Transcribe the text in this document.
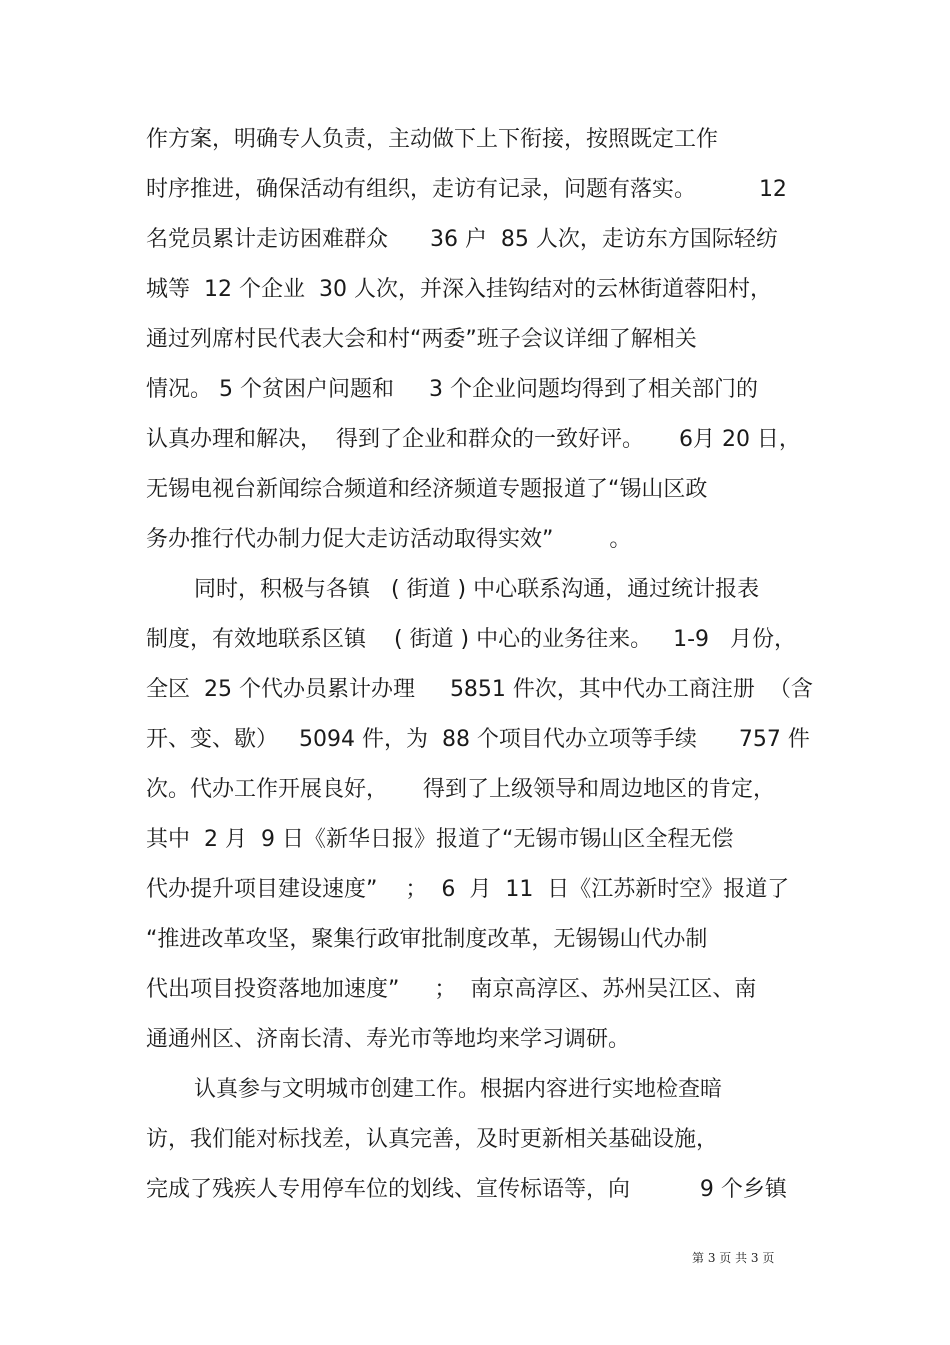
作方案，明确专人负责，主动做下上下衔接，按照既定工作
时序推进，确保活动有组织，走访有记录，问题有落实。         12
名党员累计走访困难群众      36 户  85 人次，走访东方国际轻纺
城等  12 个企业  30 人次，并深入挂钩结对的云林街道蓉阳村，
通过列席村民代表大会和村“两委”班子会议详细了解相关
情况。 5 个贫困户问题和     3 个企业问题均得到了相关部门的
认真办理和解决，  得到了企业和群众的一致好评。     6月 20 日，
无锡电视台新闻综合频道和经济频道专题报道了“锡山区政
务办推行代办制力促大走访活动取得实效”        。
同时，积极与各镇   ( 街道 ) 中心联系沟通，通过统计报表
制度，有效地联系区镇    ( 街道 ) 中心的业务往来。   1-9   月份，
全区  25 个代办员累计办理     5851 件次，其中代办工商注册  （含
开、变、歇）   5094 件，为  88 个项目代办立项等手续      757 件
次。代办工作开展良好，     得到了上级领导和周边地区的肯定，
其中  2 月  9 日《新华日报》报道了“无锡市锡山区全程无偿
代办提升项目建设速度”    ；  6  月  11  日《江苏新时空》报道了
“推进改革攻坚，聚集行政审批制度改革，无锡锡山代办制
代出项目投资落地加速度”     ；  南京高淳区、苏州吴江区、南
通通州区、济南长清、寿光市等地均来学习调研。
认真参与文明城市创建工作。根据内容进行实地检查暗
访，我们能对标找差，认真完善，及时更新相关基础设施，
完成了残疾人专用停车位的划线、宣传标语等，向          9 个乡镇
第 3 页 共 3 页
